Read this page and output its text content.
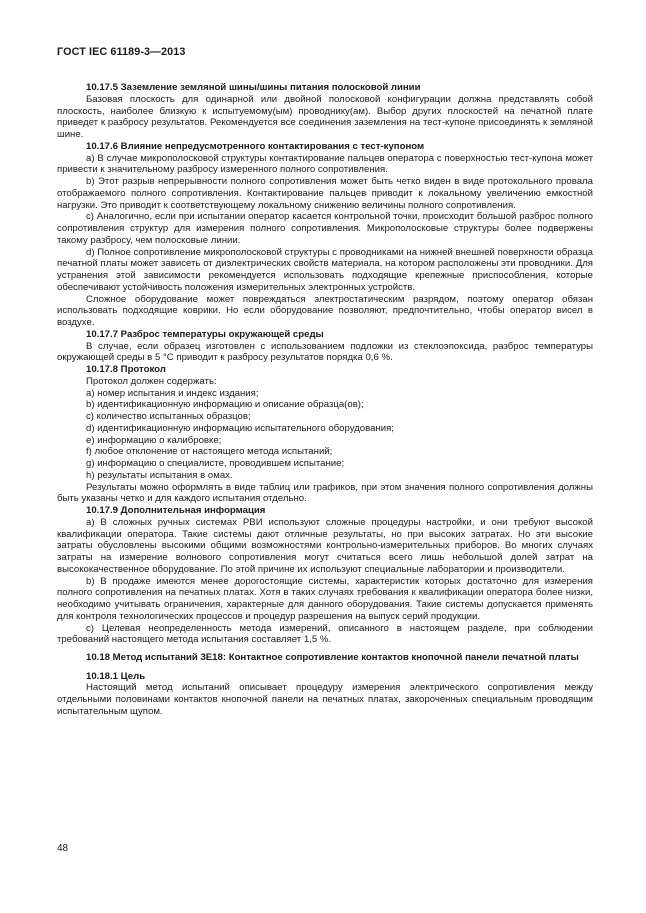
ГОСТ IEC 61189-3—2013

10.17.5 Заземление земляной шины/шины питания полосковой линии

Базовая плоскость для одинарной или двойной полосковой конфигурации должна представлять собой плоскость, наиболее близкую к испытуемому(ым) проводнику(ам). Выбор других плоскостей на печатной плате приведет к разбросу результатов. Рекомендуется все соединения заземления на тест-купоне присоединять к земляной шине.

10.17.6 Влияние непредусмотренного контактирования с тест-купоном

а) В случае микрополосковой структуры контактирование пальцев оператора с поверхностью тест-купона может привести к значительному разбросу измеренного полного сопротивления.

b) Этот разрыв непрерывности полного сопротивления может быть четко виден в виде протокольного провала отображаемого полного сопротивления. Контактирование пальцев приводит к локальному увеличению емкостной нагрузки. Это приводит к соответствующему локальному снижению величины полного сопротивления.

c) Аналогично, если при испытании оператор касается контрольной точки, происходит большой разброс полного сопротивления структур для измерения полного сопротивления. Микрополосковые структуры более подвержены такому разбросу, чем полосковые линии.

d) Полное сопротивление микрополосковой структуры с проводниками на нижней внешней поверхности образца печатной платы может зависеть от диэлектрических свойств материала, на котором расположены эти проводники. Для устранения этой зависимости рекомендуется использовать подходящие крепежные приспособления, которые обеспечивают устойчивость положения измерительных электронных устройств.

Сложное оборудование может повреждаться электростатическим разрядом, поэтому оператор обязан использовать подходящие коврики. Но если оборудование позволяют, предпочтительно, чтобы оператор висел в воздухе.

10.17.7 Разброс температуры окружающей среды

В случае, если образец изготовлен с использованием подложки из стеклоэпоксида, разброс температуры окружающей среды в 5 °C приводит к разбросу результатов порядка 0,6 %.

10.17.8 Протокол

Протокол должен содержать:

а) номер испытания и индекс издания;

b) идентификационную информацию и описание образца(ов);

c) количество испытанных образцов;

d) идентификационную информацию испытательного оборудования;

e) информацию о калибровке;

f) любое отклонение от настоящего метода испытаний;

g) информацию о специалисте, проводившем испытание;

h) результаты испытания в омах.

Результаты можно оформлять в виде таблиц или графиков, при этом значения полного сопротивления должны быть указаны четко и для каждого испытания отдельно.

10.17.9 Дополнительная информация

а) В сложных ручных системах РВИ используют сложные процедуры настройки, и они требуют высокой квалификации оператора. Такие системы дают отличные результаты, но при высоких затратах. Но эти высокие затраты обусловлены высокими общими возможностями контрольно-измерительных приборов. Во многих случаях затраты на измерение волнового сопротивления могут считаться всего лишь небольшой долей затрат на высококачественное оборудование. По этой причине их используют специальные лаборатории и производители.

b) В продаже имеются менее дорогостоящие системы, характеристик которых достаточно для измерения полного сопротивления на печатных платах. Хотя в таких случаях требования к квалификации оператора более низки, необходимо учитывать ограничения, характерные для данного оборудования. Такие системы допускается применять для контроля технологических процессов и процедур разрешения на выпуск серий продукции.

c) Целевая неопределенность метода измерений, описанного в настоящем разделе, при соблюдении требований настоящего метода испытания составляет 1,5 %.

10.18 Метод испытаний 3E18: Контактное сопротивление контактов кнопочной панели печатной платы

10.18.1 Цель

Настоящий метод испытаний описывает процедуру измерения электрического сопротивления между отдельными половинами контактов кнопочной панели на печатных платах, закороченных специальным проводящим испытательным щупом.

48
